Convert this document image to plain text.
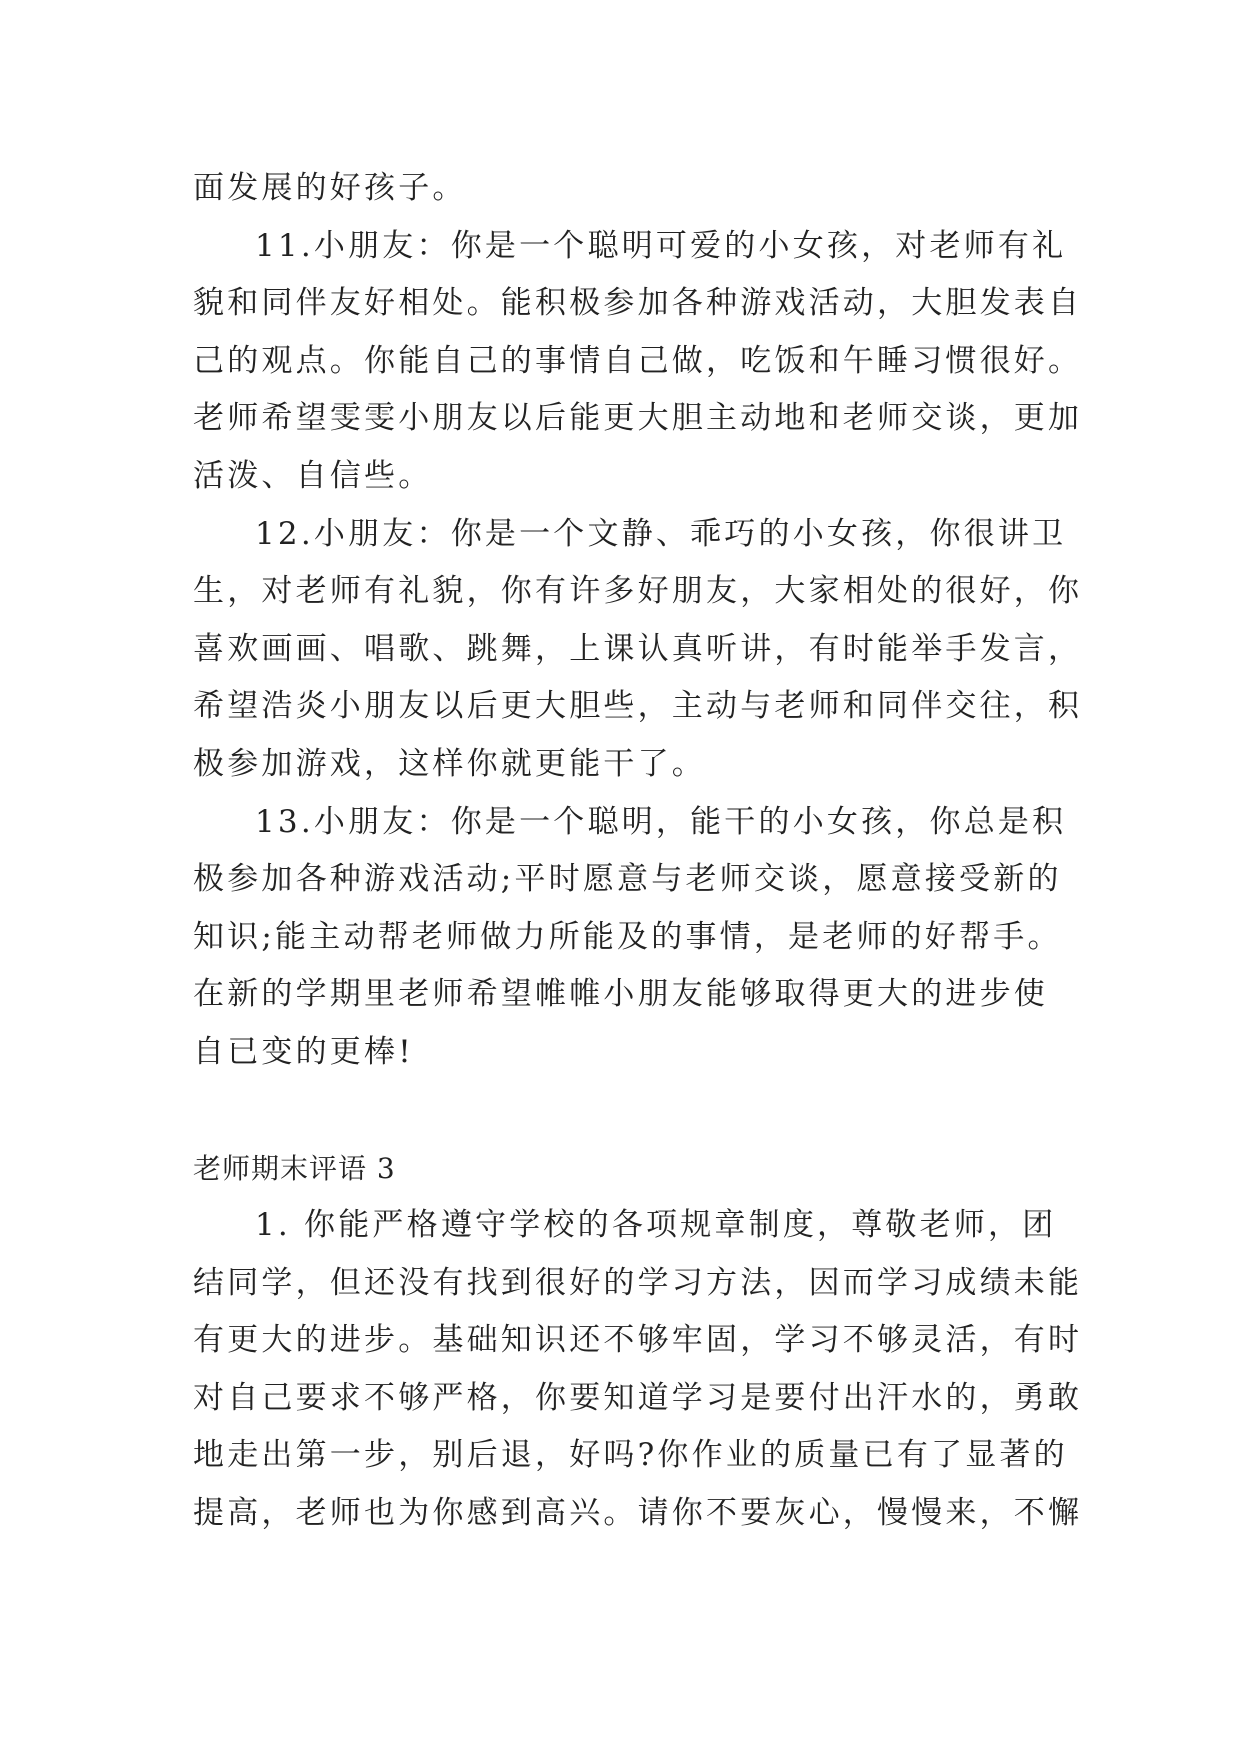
面发展的好孩子。
11.小朋友：你是一个聪明可爱的小女孩，对老师有礼
貌和同伴友好相处。能积极参加各种游戏活动，大胆发表自
己的观点。你能自己的事情自己做，吃饭和午睡习惯很好。
老师希望雯雯小朋友以后能更大胆主动地和老师交谈，更加
活泼、自信些。
12.小朋友：你是一个文静、乖巧的小女孩，你很讲卫
生，对老师有礼貌，你有许多好朋友，大家相处的很好，你
喜欢画画、唱歌、跳舞，上课认真听讲，有时能举手发言，
希望浩炎小朋友以后更大胆些，主动与老师和同伴交往，积
极参加游戏，这样你就更能干了。
13.小朋友：你是一个聪明，能干的小女孩，你总是积
极参加各种游戏活动;平时愿意与老师交谈，愿意接受新的
知识;能主动帮老师做力所能及的事情，是老师的好帮手。
在新的学期里老师希望帷帷小朋友能够取得更大的进步使
自已变的更棒!
老师期末评语 3
1. 你能严格遵守学校的各项规章制度，尊敬老师，团
结同学，但还没有找到很好的学习方法，因而学习成绩未能
有更大的进步。基础知识还不够牢固，学习不够灵活，有时
对自己要求不够严格，你要知道学习是要付出汗水的，勇敢
地走出第一步，别后退，好吗?你作业的质量已有了显著的
提高，老师也为你感到高兴。请你不要灰心，慢慢来，不懈
